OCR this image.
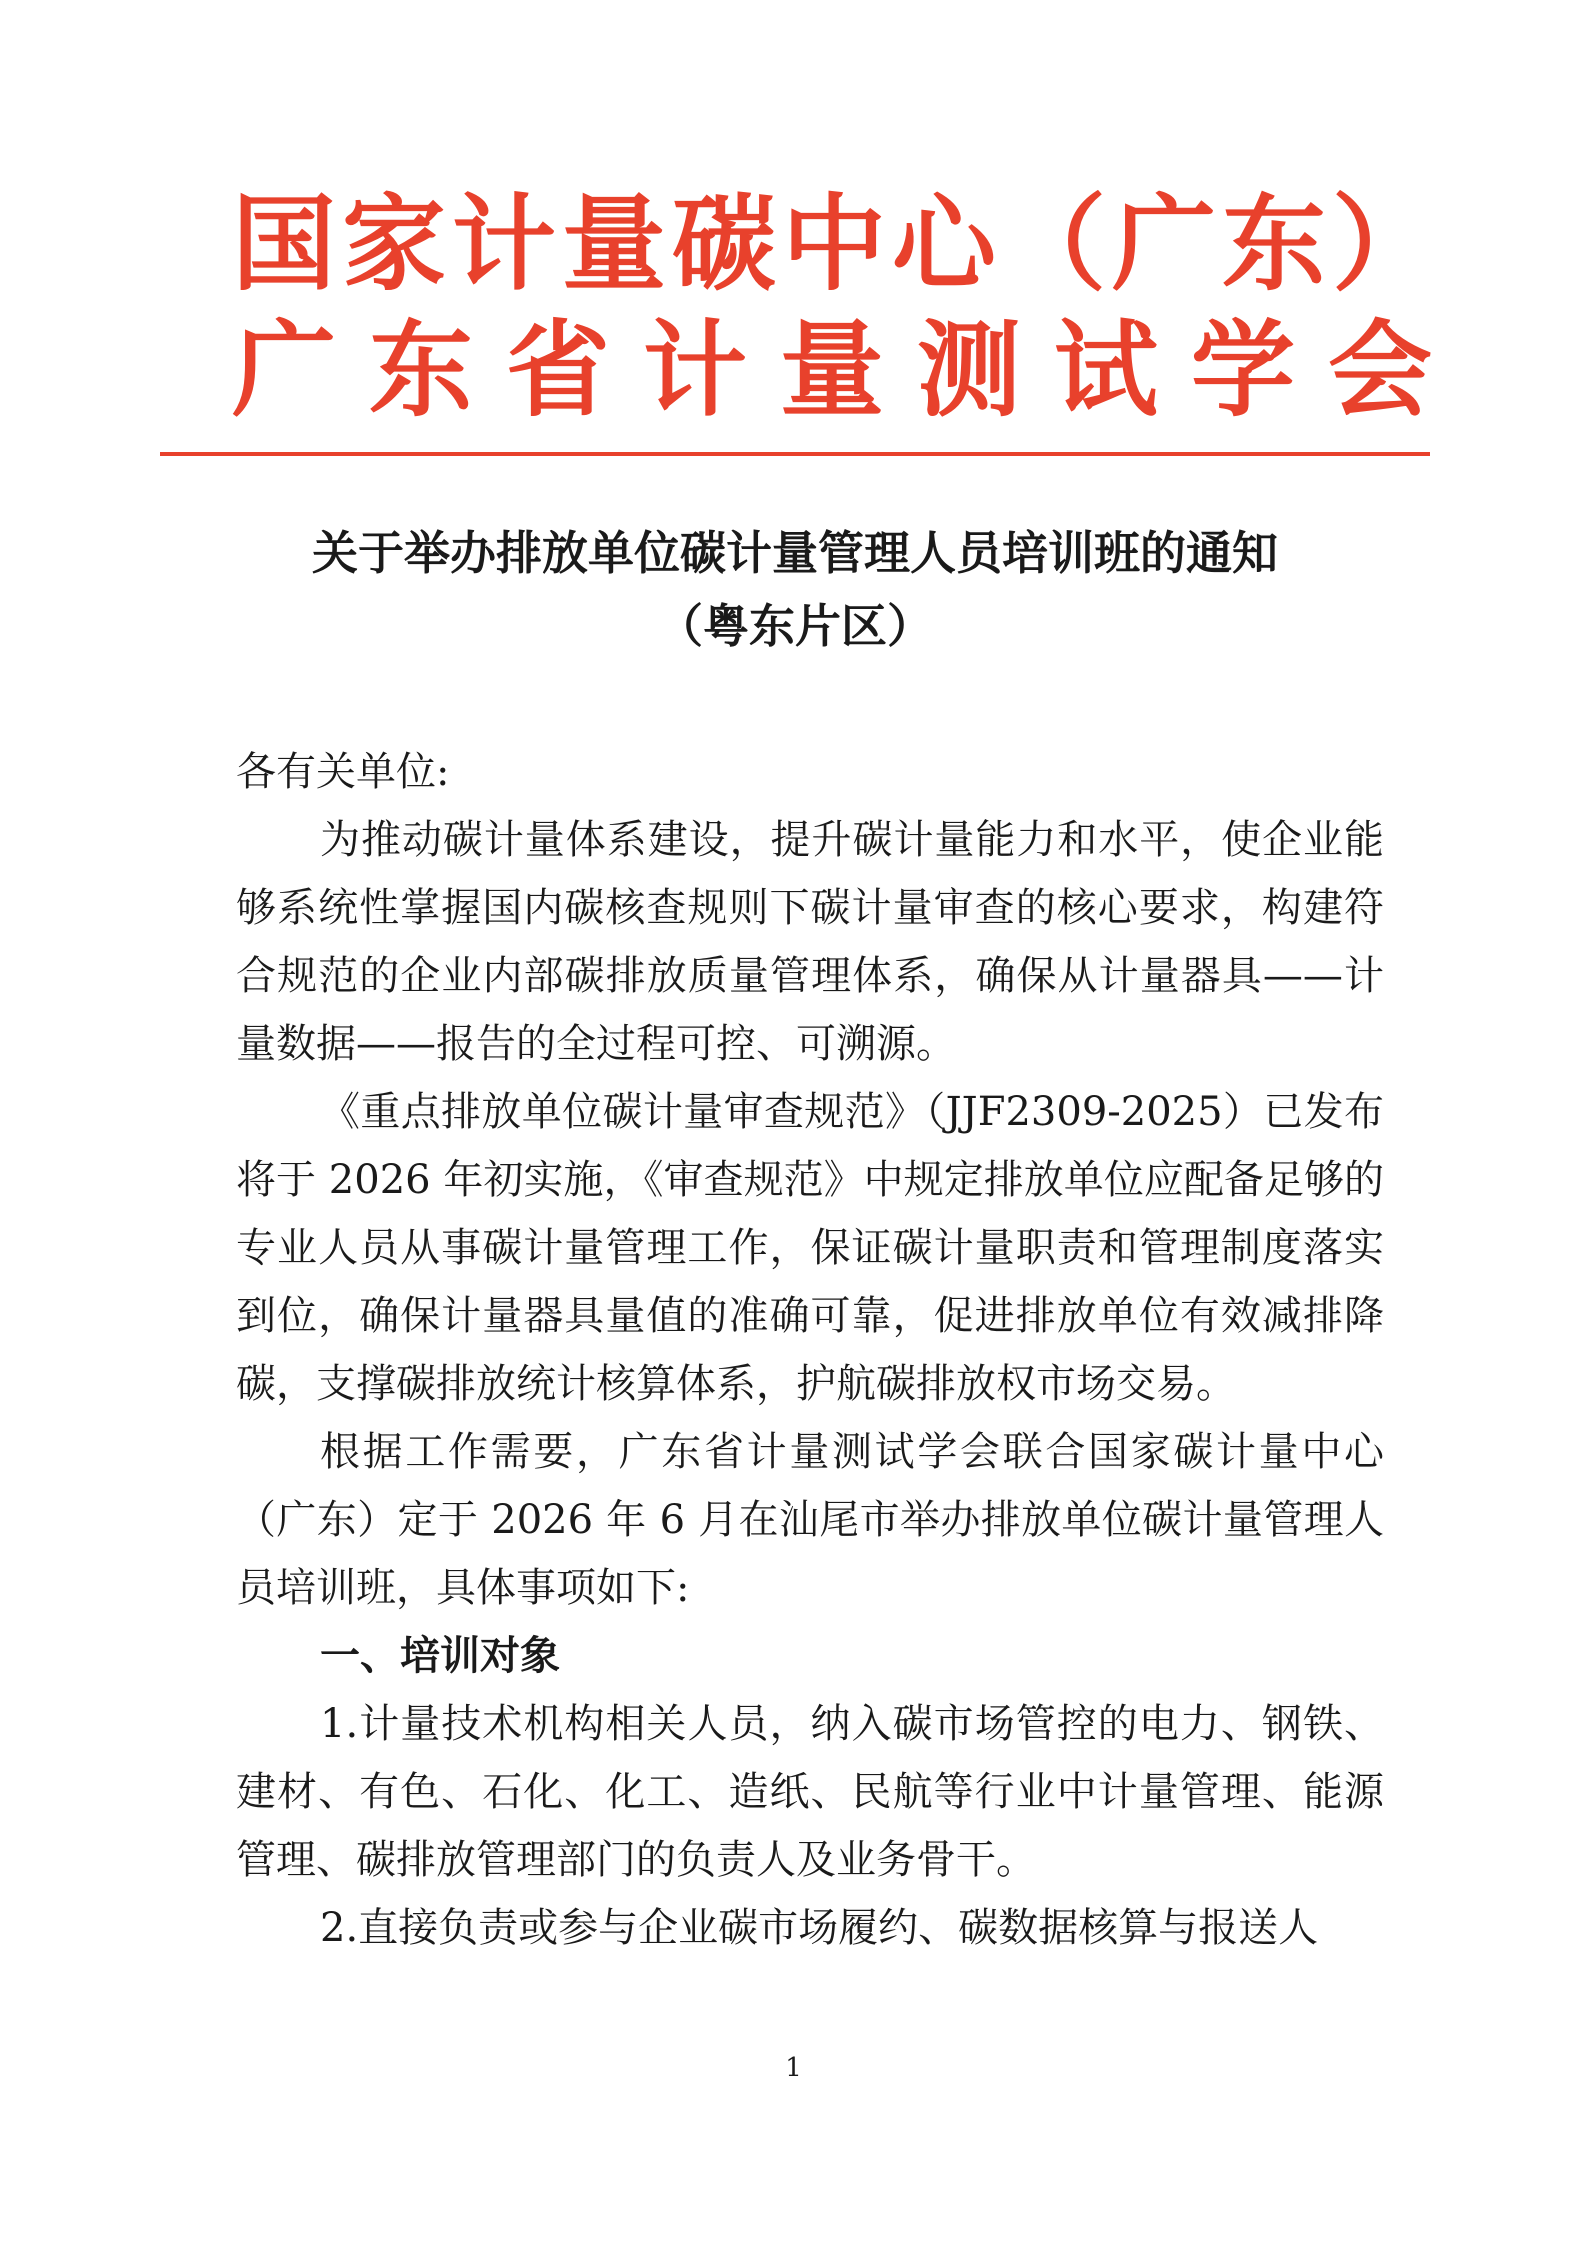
国家计量碳中心（广东）
广东省计量测试学会
关于举办排放单位碳计量管理人员培训班的通知
（粤东片区）

各有关单位:

为推动碳计量体系建设，提升碳计量能力和水平，使企业能够系统性掌握国内碳核查规则下碳计量审查的核心要求，构建符合规范的企业内部碳排放质量管理体系，确保从计量器具——计量数据——报告的全过程可控、可溯源。

《重点排放单位碳计量审查规范》（JJF2309-2025）已发布将于 2026 年初实施，《审查规范》中规定排放单位应配备足够的专业人员从事碳计量管理工作，保证碳计量职责和管理制度落实到位，确保计量器具量值的准确可靠，促进排放单位有效减排降碳，支撑碳排放统计核算体系，护航碳排放权市场交易。

根据工作需要，广东省计量测试学会联合国家碳计量中心（广东）定于 2026 年 6 月在汕尾市举办排放单位碳计量管理人员培训班，具体事项如下:

一、培训对象

1.计量技术机构相关人员，纳入碳市场管控的电力、钢铁、建材、有色、石化、化工、造纸、民航等行业中计量管理、能源管理、碳排放管理部门的负责人及业务骨干。

2.直接负责或参与企业碳市场履约、碳数据核算与报送人

1
